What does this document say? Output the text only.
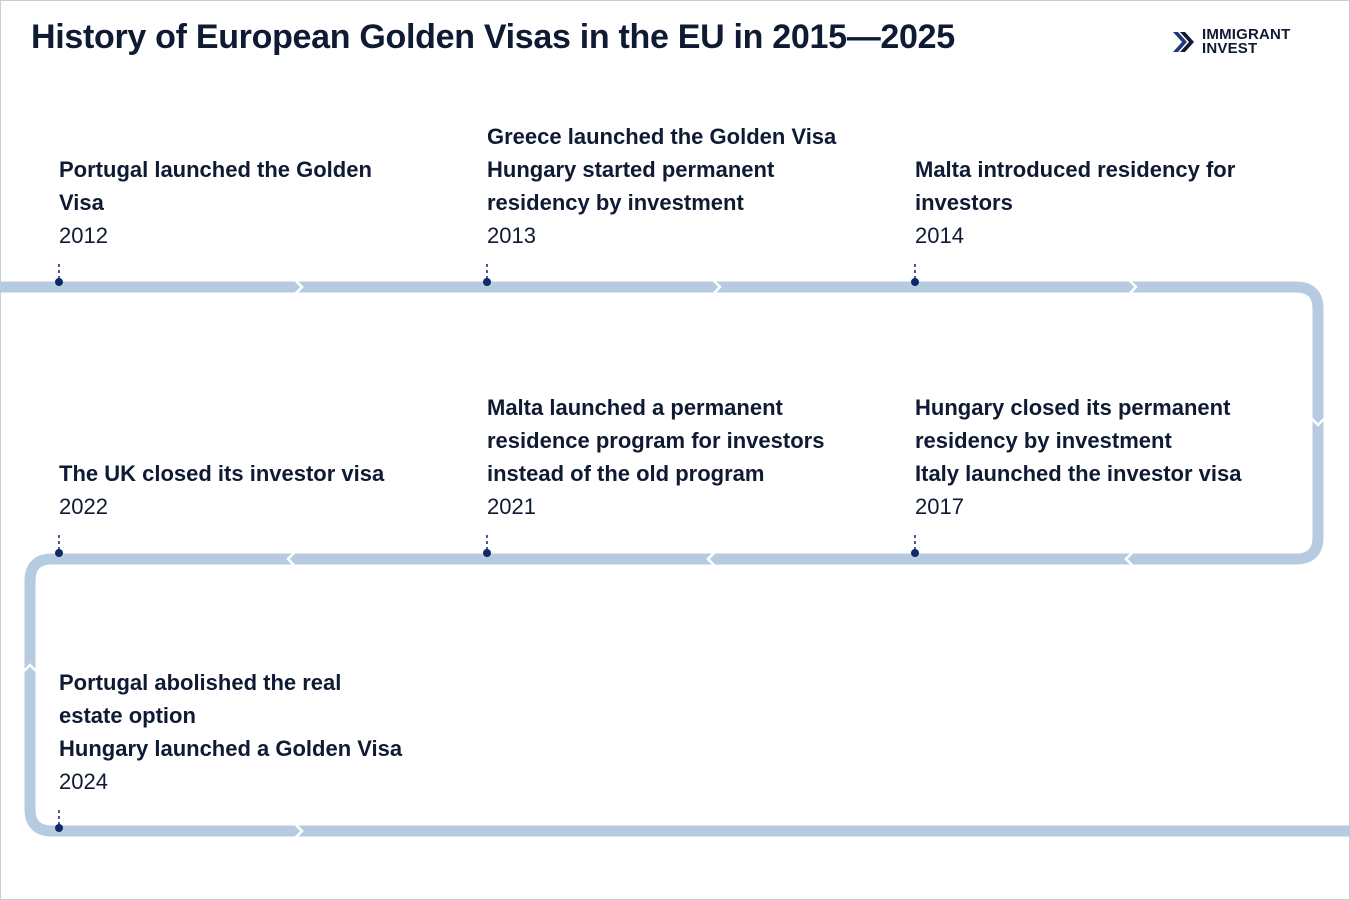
History of European Golden Visas in the EU in 2015—2025	IMMIGRANT
INVEST
Portugal launched the Golden
Visa
2012
Greece launched the Golden Visa
Hungary started permanent
residency by investment
2013
Malta introduced residency for
investors
2014
Hungary closed its permanent
residency by investment
Italy launched the investor visa
2017
Malta launched a permanent
residence program for investors
instead of the old program
2021
The UK closed its investor visa
2022
Portugal abolished the real
estate option
Hungary launched a Golden Visa
2024
